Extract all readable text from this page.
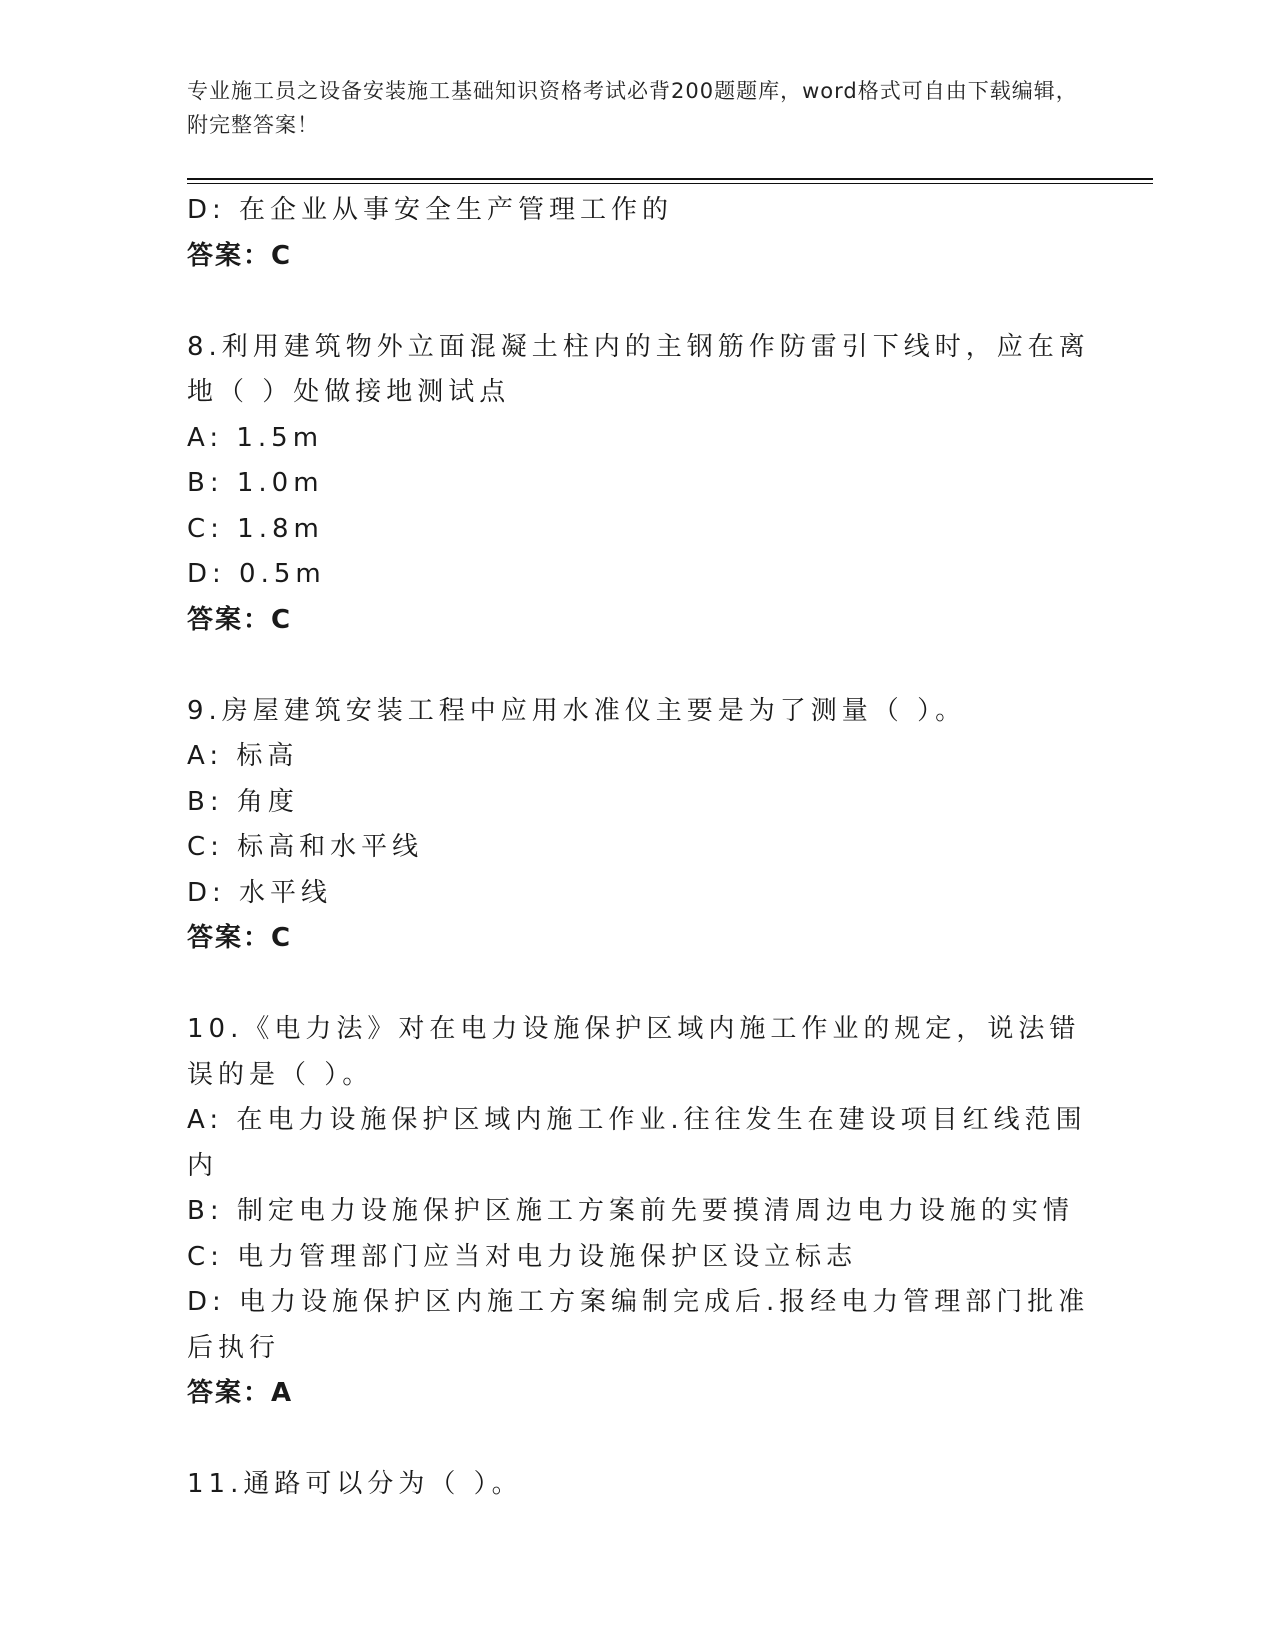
专业施工员之设备安装施工基础知识资格考试必背200题题库，word格式可自由下载编辑，附完整答案！

D: 在企业从事安全生产管理工作的

答案：C

8.利用建筑物外立面混凝土柱内的主钢筋作防雷引下线时，应在离地（ ）处做接地测试点

A: 1.5m

B: 1.0m

C: 1.8m

D: 0.5m

答案：C

9.房屋建筑安装工程中应用水准仪主要是为了测量（ ）。

A: 标高

B: 角度

C: 标高和水平线

D: 水平线

答案：C

10.《电力法》对在电力设施保护区域内施工作业的规定，说法错误的是（ ）。

A: 在电力设施保护区域内施工作业.往往发生在建设项目红线范围内

B: 制定电力设施保护区施工方案前先要摸清周边电力设施的实情

C: 电力管理部门应当对电力设施保护区设立标志

D: 电力设施保护区内施工方案编制完成后.报经电力管理部门批准后执行

答案：A

11.通路可以分为（ ）。
